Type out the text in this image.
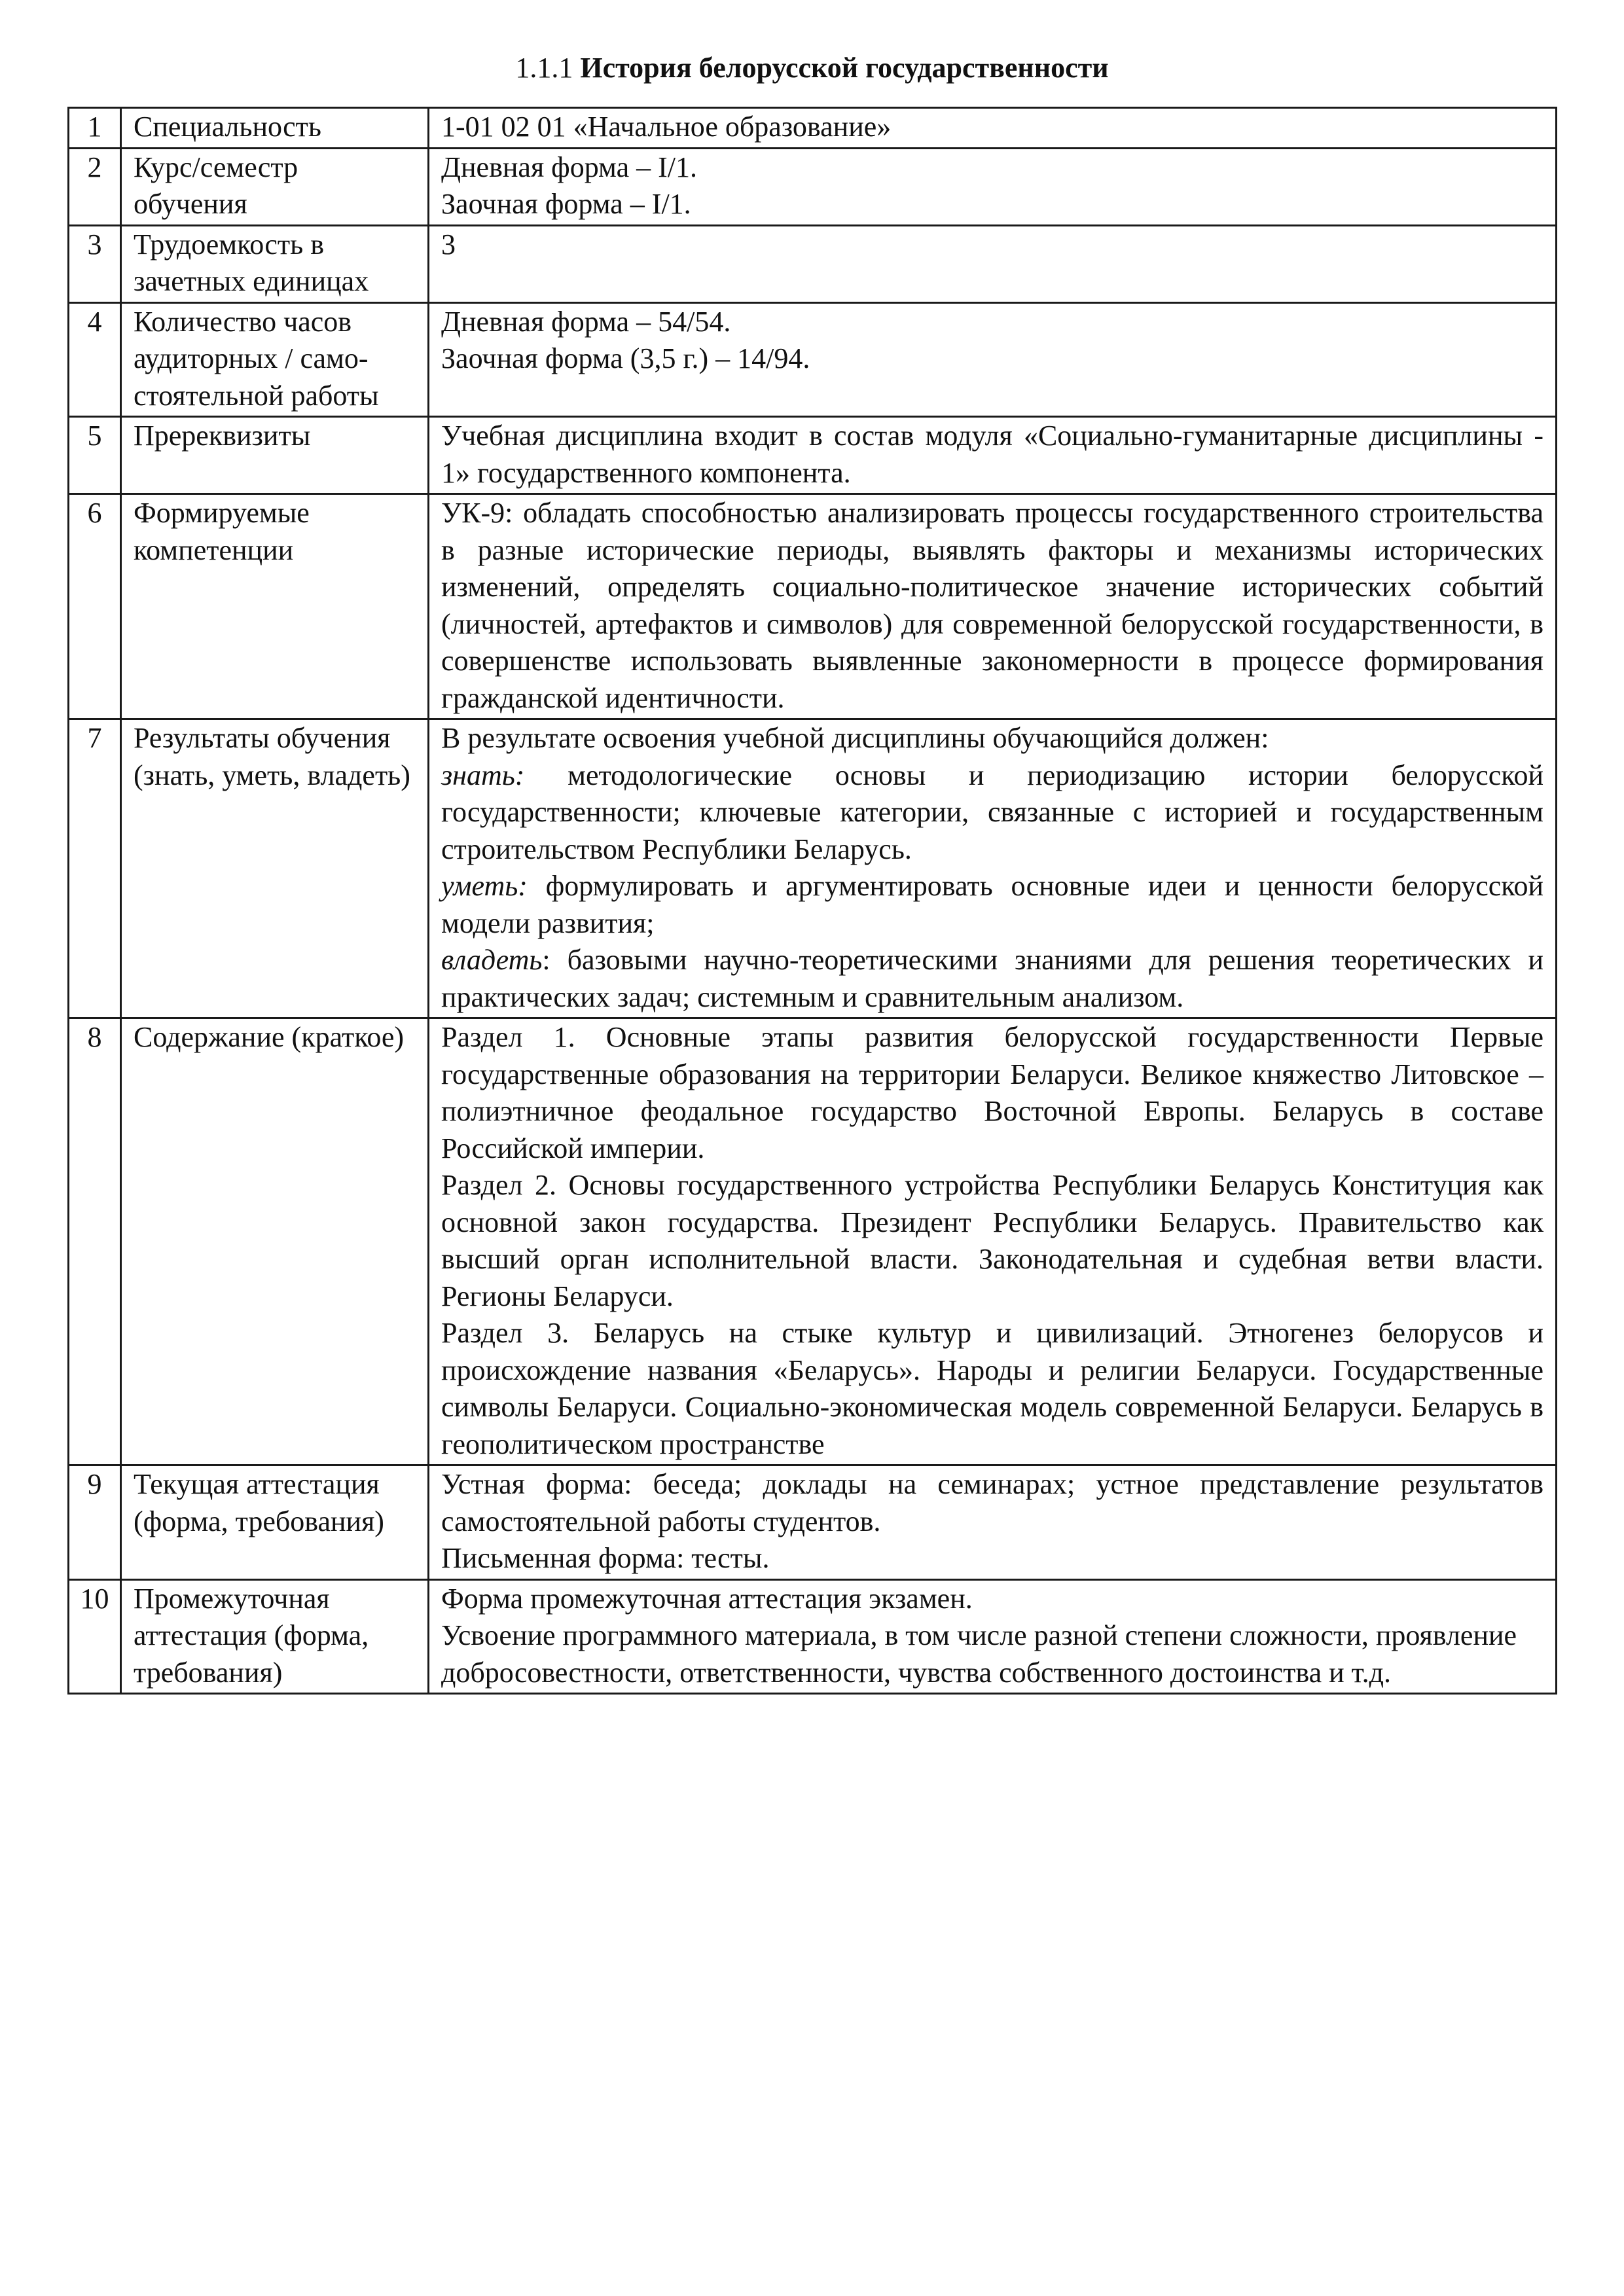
1.1.1 История белорусской государственности
1	Специальность	1-01 02 01 «Начальное образование»
2	Курс/семестр обучения	Дневная форма – I/1.
Заочная форма – I/1.

3	Трудоемкость в зачетных единицах	3
4	Количество часов аудиторных / само-стоятельной работы	Дневная форма – 54/54.
Заочная форма (3,5 г.) – 14/94.

5	Пререквизиты	Учебная дисциплина входит в состав модуля «Социально-гуманитарные дисциплины - 1» государственного компонента.

6	Формируемые компетенции	УК-9: обладать способностью анализировать процессы государственного строительства в разные исторические периоды, выявлять факторы и механизмы исторических изменений, определять социально-политическое значение исторических событий (личностей, артефактов и символов) для современной белорусской государственности, в совершенстве использовать выявленные закономерности в процессе формирования гражданской идентичности.

7	Результаты обучения (знать, уметь, владеть)	В результате освоения учебной дисциплины обучающийся должен:
знать: методологические основы и периодизацию истории белорусской государственности; ключевые категории, связанные с историей и государственным строительством Республики Беларусь.
уметь: формулировать и аргументировать основные идеи и ценности белорусской модели развития;
владеть: базовыми научно-теоретическими знаниями для решения теоретических и практических задач; системным и сравнительным анализом.

8	Содержание (краткое)	Раздел 1. Основные этапы развития белорусской государственности Первые государственные образования на территории Беларуси. Великое княжество Литовское – полиэтничное феодальное государство Восточной Европы. Беларусь в составе Российской империи.
Раздел 2. Основы государственного устройства Республики Беларусь Конституция как основной закон государства. Президент Республики Беларусь. Правительство как высший орган исполнительной власти. Законодательная и судебная ветви власти. Регионы Беларуси.
Раздел 3. Беларусь на стыке культур и цивилизаций. Этногенез белорусов и происхождение названия «Беларусь». Народы и религии Беларуси. Государственные символы Беларуси. Социально-экономическая модель современной Беларуси. Беларусь в геополитическом пространстве

9	Текущая аттестация (форма, требования)	Устная форма: беседа; доклады на семинарах; устное представление результатов самостоятельной работы студентов.
Письменная форма: тесты.

10	Промежуточная аттестация (форма, требования)	Форма промежуточная аттестация экзамен.
Усвоение программного материала, в том числе разной степени сложности, проявление добросовестности, ответственности, чувства собственного достоинства и т.д.
